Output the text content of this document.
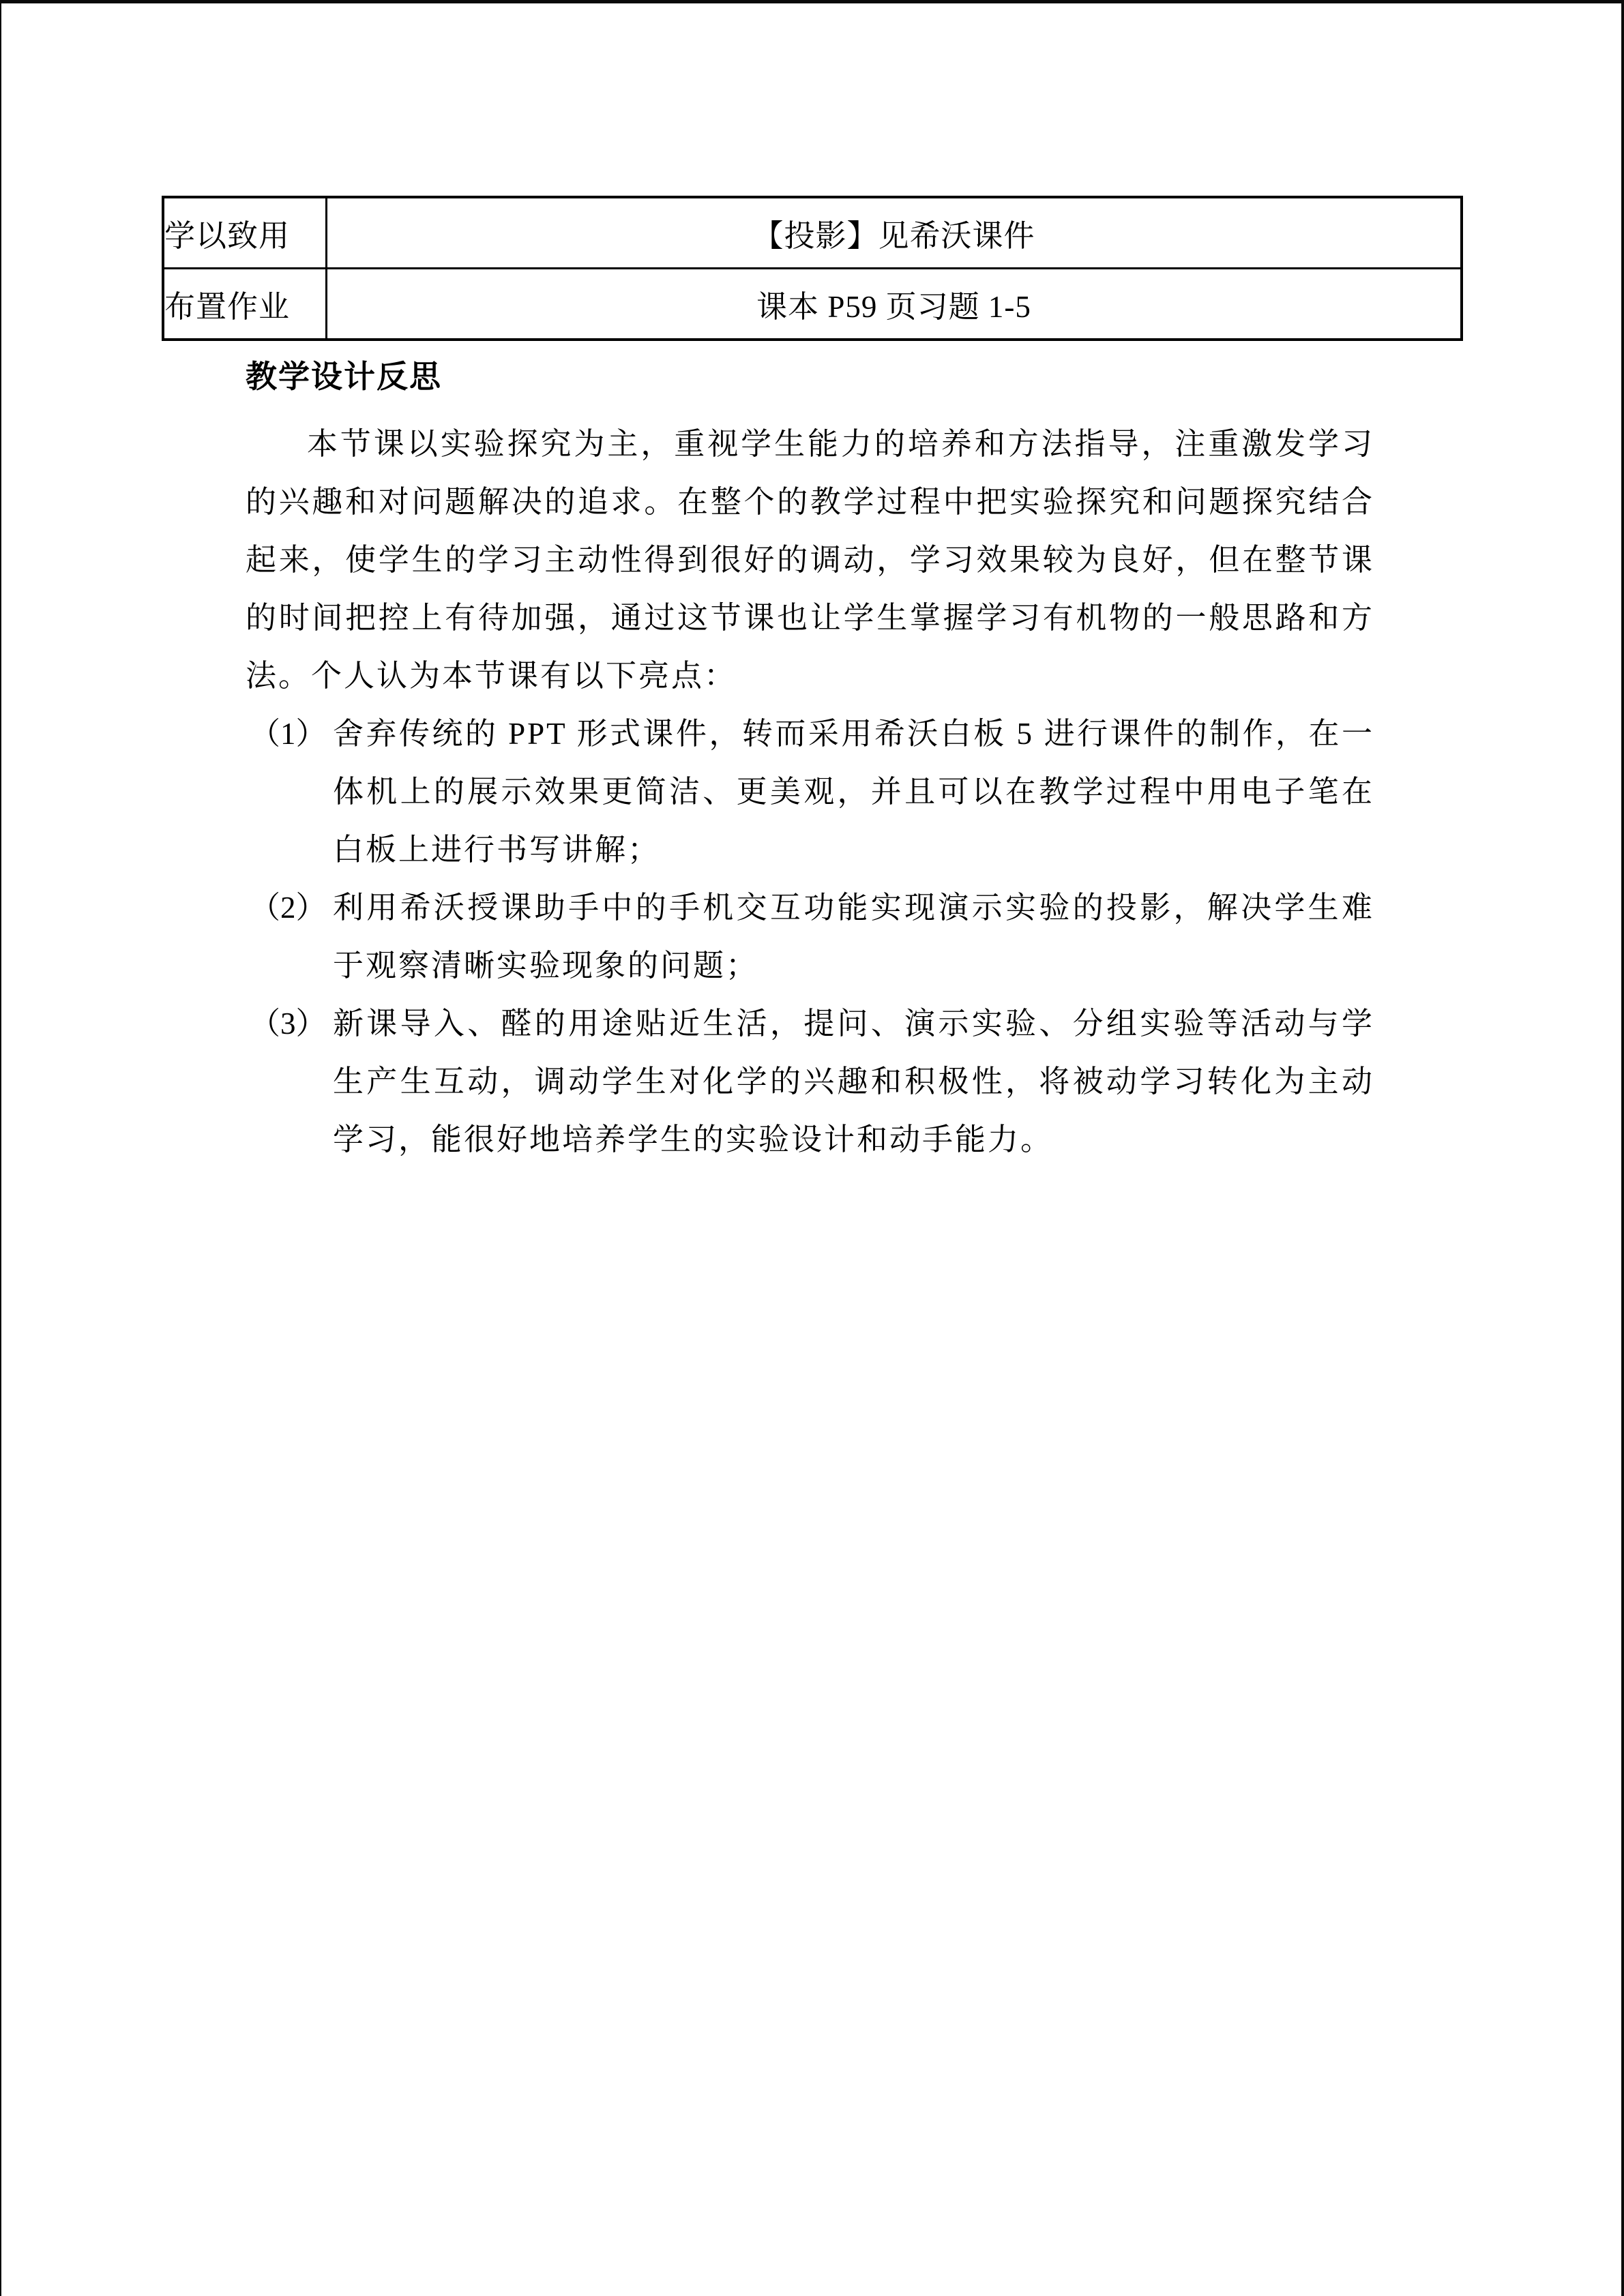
学以致用	【投影】见希沃课件
布置作业	课本 P59 页习题 1-5
教学设计反思

本节课以实验探究为主，重视学生能力的培养和方法指导，注重激发学习的兴趣和对问题解决的追求。在整个的教学过程中把实验探究和问题探究结合起来，使学生的学习主动性得到很好的调动，学习效果较为良好，但在整节课的时间把控上有待加强，通过这节课也让学生掌握学习有机物的一般思路和方法。个人认为本节课有以下亮点：

（1） 舍弃传统的 PPT 形式课件，转而采用希沃白板 5 进行课件的制作，在一体机上的展示效果更简洁、更美观，并且可以在教学过程中用电子笔在白板上进行书写讲解；
（2） 利用希沃授课助手中的手机交互功能实现演示实验的投影，解决学生难于观察清晰实验现象的问题；
（3） 新课导入、醛的用途贴近生活，提问、演示实验、分组实验等活动与学生产生互动，调动学生对化学的兴趣和积极性，将被动学习转化为主动学习，能很好地培养学生的实验设计和动手能力。
